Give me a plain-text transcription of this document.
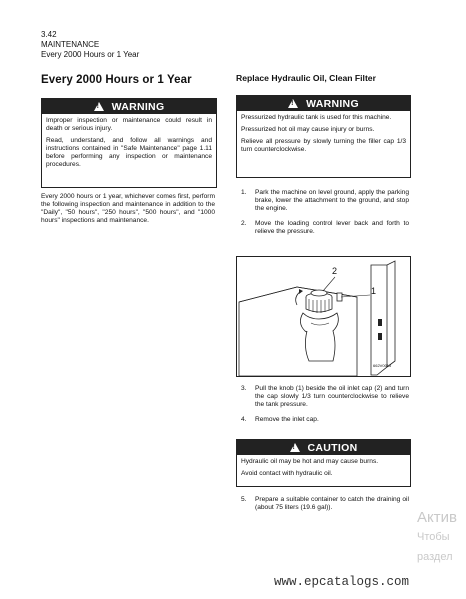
3.42
MAINTENANCE
Every 2000 Hours or 1 Year
Every 2000 Hours or 1 Year
! WARNING
Improper inspection or maintenance could result in death or serious injury.
Read, understand, and follow all warnings and instructions contained in "Safe Maintenance" page 1.11 before performing any inspection or maintenance procedures.
Every 2000 hours or 1 year, whichever comes first, perform the following inspection and maintenance in addition to the "Daily", "50 hours", "250 hours", "500 hours", and "1000 hours" inspections and maintenance.
Replace Hydraulic Oil, Clean Filter
! WARNING
Pressurized hydraulic tank is used for this machine.
Pressurized hot oil may cause injury or burns.
Relieve all pressure by slowly turning the filler cap 1/3 turn counterclockwise.
1.	Park the machine on level ground, apply the parking brake, lower the attachment to the ground, and stop the engine.
2.	Move the loading control lever back and forth to relieve the pressure.
2
1
662V0015
3.	Pull the knob (1) beside the oil inlet cap (2) and turn the cap slowly 1/3 turn counterclockwise to relieve the tank pressure.
4.	Remove the inlet cap.
! CAUTION
Hydraulic oil may be hot and may cause burns.
Avoid contact with hydraulic oil.
5.	Prepare a suitable container to catch the draining oil (about 75 liters (19.6 gal)).
Актив
Чтобы
раздел
www.epcatalogs.com
